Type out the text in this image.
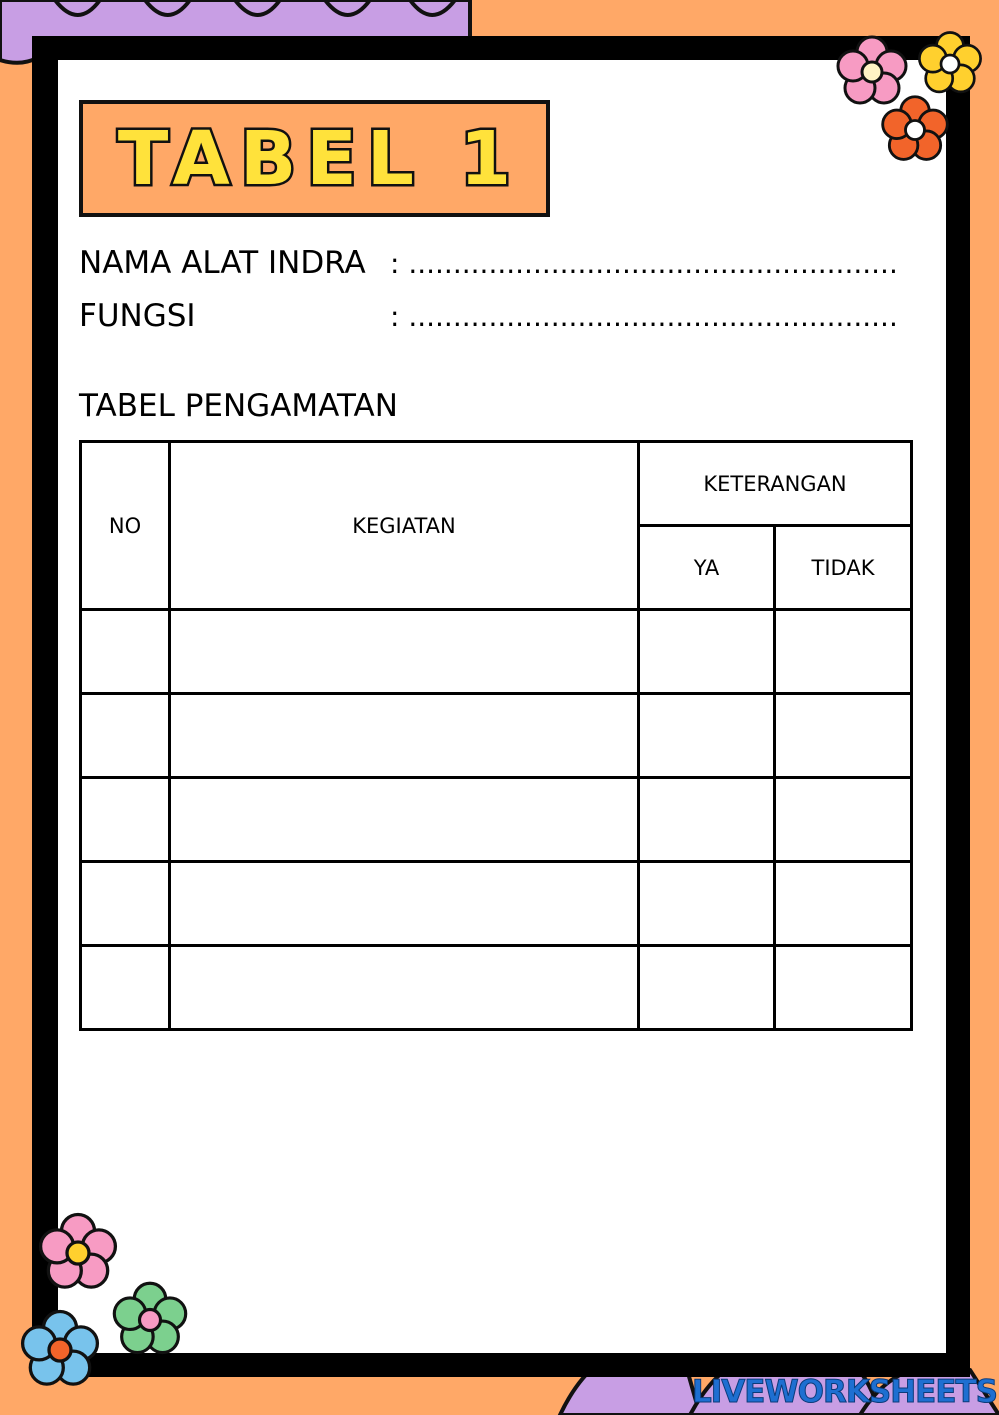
TABEL 1
NAMA ALAT INDRA : .......................................................
FUNGSI	: .......................................................
TABEL PENGAMATAN
NO	KEGIATAN	KETERANGAN	
		YA	TIDAK

LIVEWORKSHEETS
